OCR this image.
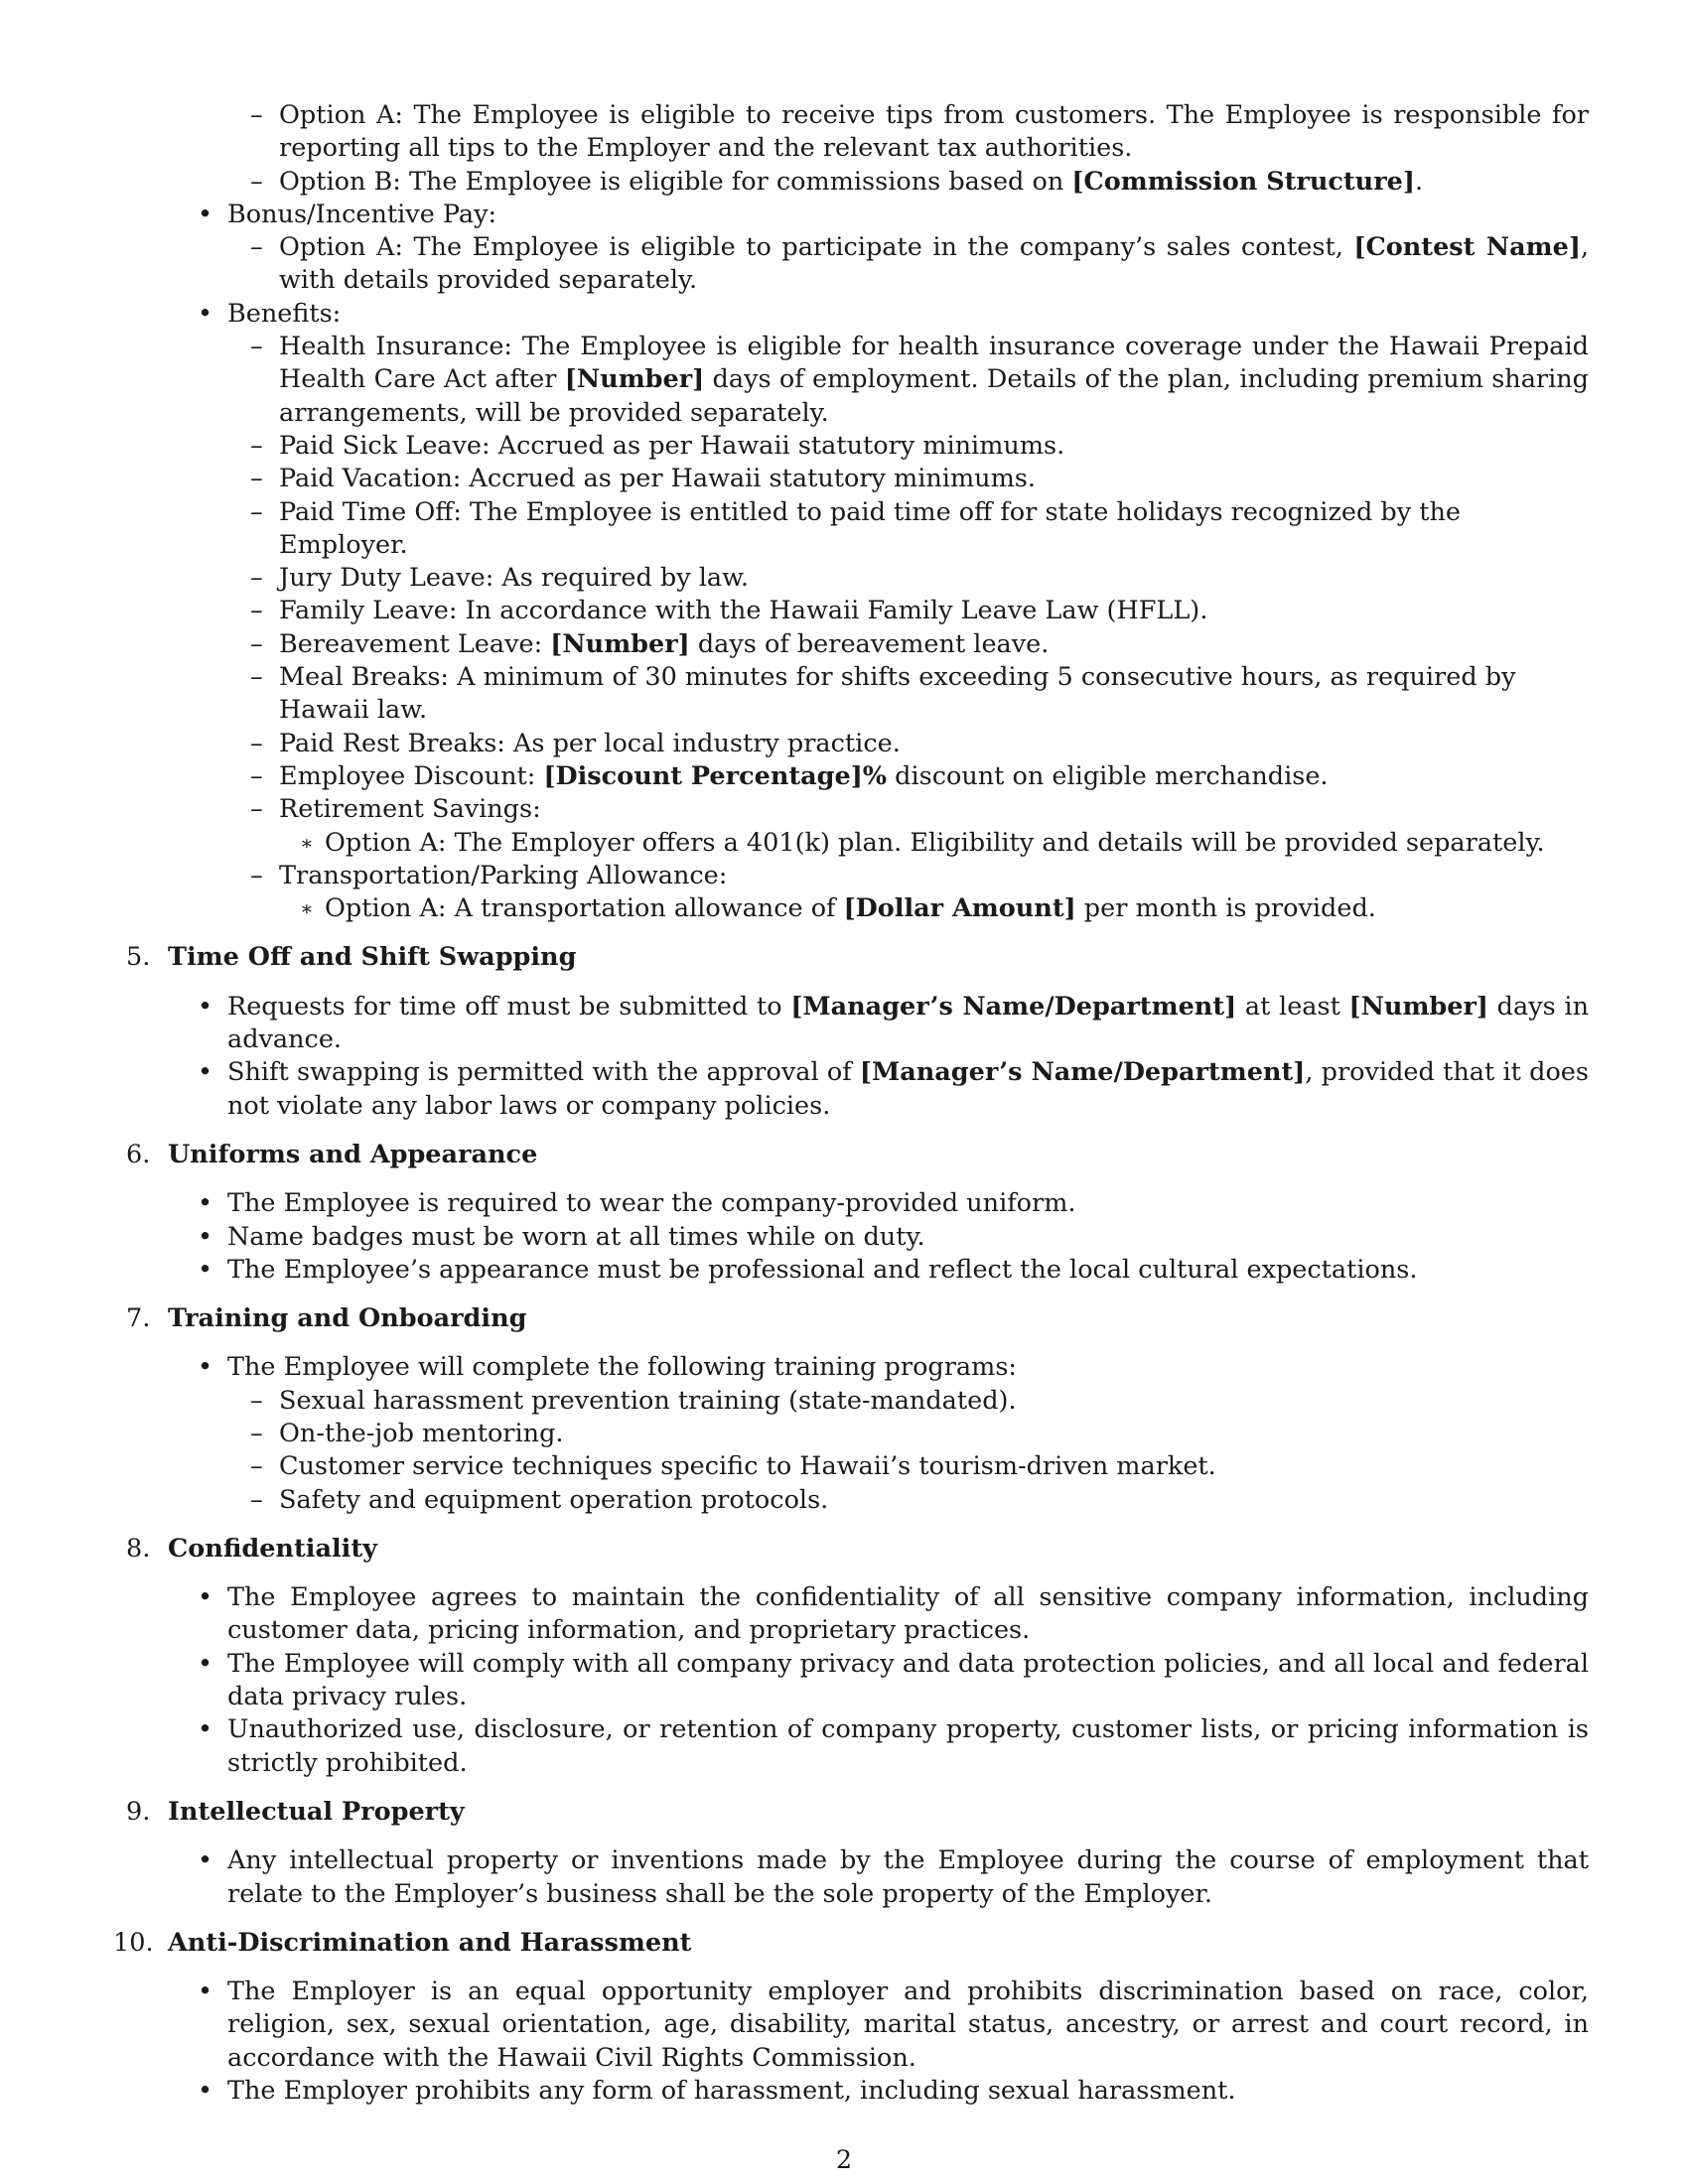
– Option A: The Employee is eligible to receive tips from customers. The Employee is responsible for reporting all tips to the Employer and the relevant tax authorities.
– Option B: The Employee is eligible for commissions based on [Commission Structure].
• Bonus/Incentive Pay:
– Option A: The Employee is eligible to participate in the company’s sales contest, [Contest Name], with details provided separately.
• Benefits:
– Health Insurance: The Employee is eligible for health insurance coverage under the Hawaii Prepaid Health Care Act after [Number] days of employment. Details of the plan, including premium sharing arrangements, will be provided separately.
– Paid Sick Leave: Accrued as per Hawaii statutory minimums.
– Paid Vacation: Accrued as per Hawaii statutory minimums.
– Paid Time Off: The Employee is entitled to paid time off for state holidays recognized by the Employer.
– Jury Duty Leave: As required by law.
– Family Leave: In accordance with the Hawaii Family Leave Law (HFLL).
– Bereavement Leave: [Number] days of bereavement leave.
– Meal Breaks: A minimum of 30 minutes for shifts exceeding 5 consecutive hours, as required by Hawaii law.
– Paid Rest Breaks: As per local industry practice.
– Employee Discount: [Discount Percentage]% discount on eligible merchandise.
– Retirement Savings:
∗ Option A: The Employer offers a 401(k) plan. Eligibility and details will be provided separately.
– Transportation/Parking Allowance:
∗ Option A: A transportation allowance of [Dollar Amount] per month is provided.
5. Time Off and Shift Swapping
• Requests for time off must be submitted to [Manager’s Name/Department] at least [Number] days in advance.
• Shift swapping is permitted with the approval of [Manager’s Name/Department], provided that it does not violate any labor laws or company policies.
6. Uniforms and Appearance
• The Employee is required to wear the company-provided uniform.
• Name badges must be worn at all times while on duty.
• The Employee’s appearance must be professional and reflect the local cultural expectations.
7. Training and Onboarding
• The Employee will complete the following training programs:
– Sexual harassment prevention training (state-mandated).
– On-the-job mentoring.
– Customer service techniques specific to Hawaii’s tourism-driven market.
– Safety and equipment operation protocols.
8. Confidentiality
• The Employee agrees to maintain the confidentiality of all sensitive company information, including customer data, pricing information, and proprietary practices.
• The Employee will comply with all company privacy and data protection policies, and all local and federal data privacy rules.
• Unauthorized use, disclosure, or retention of company property, customer lists, or pricing information is strictly prohibited.
9. Intellectual Property
• Any intellectual property or inventions made by the Employee during the course of employment that relate to the Employer’s business shall be the sole property of the Employer.
10. Anti-Discrimination and Harassment
• The Employer is an equal opportunity employer and prohibits discrimination based on race, color, religion, sex, sexual orientation, age, disability, marital status, ancestry, or arrest and court record, in accordance with the Hawaii Civil Rights Commission.
• The Employer prohibits any form of harassment, including sexual harassment.
2
